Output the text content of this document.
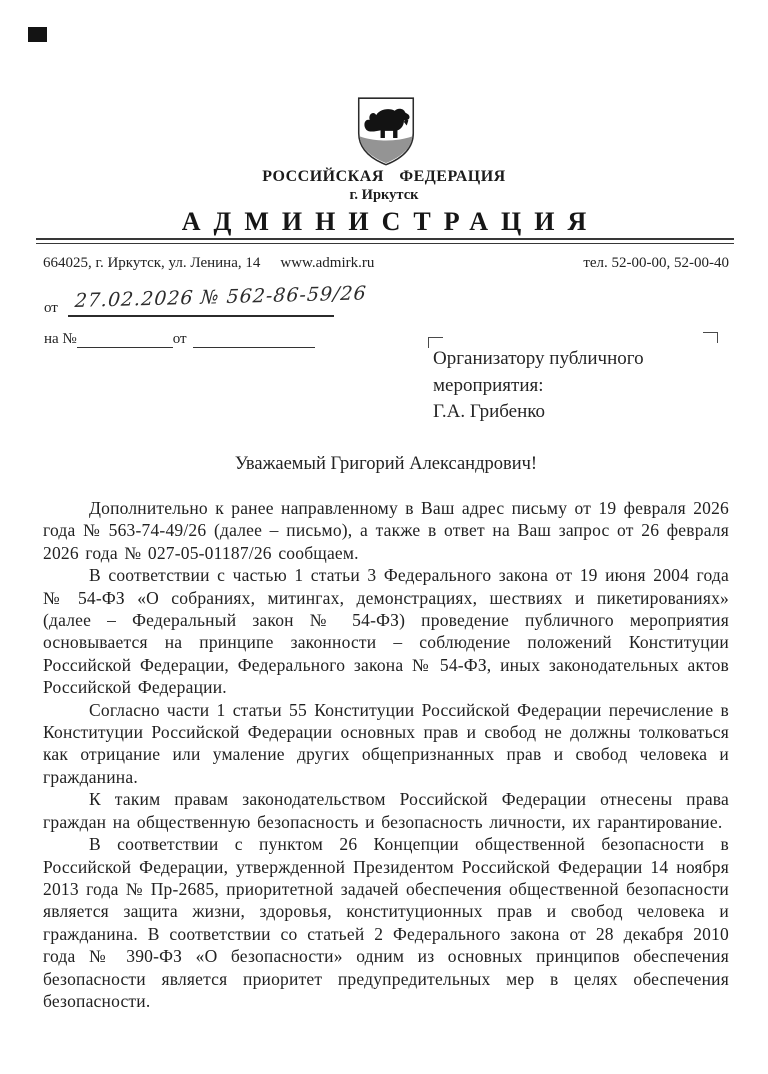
РОССИЙСКАЯ ФЕДЕРАЦИЯ
г. Иркутск
АДМИНИСТРАЦИЯ
664025, г. Иркутск, ул. Ленина, 14 www.admirk.ru	тел. 52-00-00, 52-00-40
от 27.02.2026 № 562-86-59/26
на №	от
Организатору публичного
мероприятия:
Г.А. Грибенко
Уважаемый Григорий Александрович!

Дополнительно к ранее направленному в Ваш адрес письму от 19 февраля 2026 года № 563-74-49/26 (далее – письмо), а также в ответ на Ваш запрос от 26 февраля 2026 года № 027-05-01187/26 сообщаем.

В соответствии с частью 1 статьи 3 Федерального закона от 19 июня 2004 года № 54-ФЗ «О собраниях, митингах, демонстрациях, шествиях и пикетированиях» (далее – Федеральный закон № 54-ФЗ) проведение публичного мероприятия основывается на принципе законности – соблюдение положений Конституции Российской Федерации, Федерального закона № 54-ФЗ, иных законодательных актов Российской Федерации.

Согласно части 1 статьи 55 Конституции Российской Федерации перечисление в Конституции Российской Федерации основных прав и свобод не должны толковаться как отрицание или умаление других общепризнанных прав и свобод человека и гражданина.

К таким правам законодательством Российской Федерации отнесены права граждан на общественную безопасность и безопасность личности, их гарантирование.

В соответствии с пунктом 26 Концепции общественной безопасности в Российской Федерации, утвержденной Президентом Российской Федерации 14 ноября 2013 года № Пр-2685, приоритетной задачей обеспечения общественной безопасности является защита жизни, здоровья, конституционных прав и свобод человека и гражданина. В соответствии со статьей 2 Федерального закона от 28 декабря 2010 года № 390-ФЗ «О безопасности» одним из основных принципов обеспечения безопасности является приоритет предупредительных мер в целях обеспечения безопасности.
